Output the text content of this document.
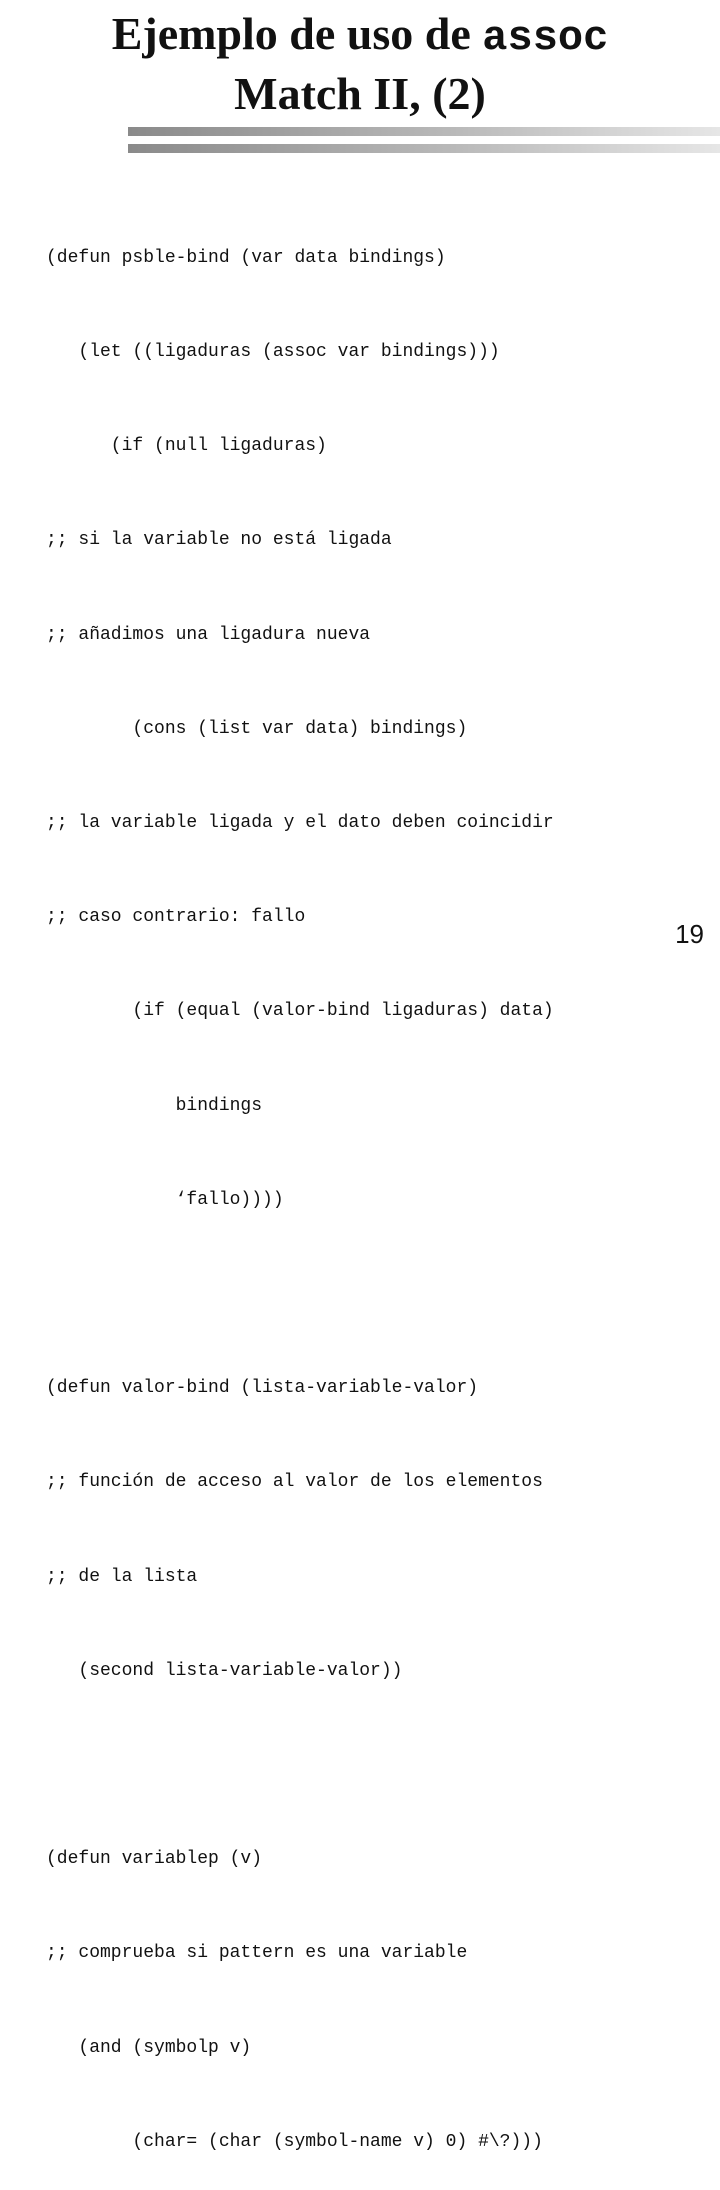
Ejemplo de uso de assoc
Match II, (2)

(defun psble-bind (var data bindings)

(let ((ligaduras (assoc var bindings)))

(if (null ligaduras)

;; si la variable no está ligada

;; añadimos una ligadura nueva

(cons (list var data) bindings)

;; la variable ligada y el dato deben coincidir

;; caso contrario: fallo

(if (equal (valor-bind ligaduras) data)

bindings

‘fallo))))

(defun valor-bind (lista-variable-valor)

;; función de acceso al valor de los elementos

;; de la lista

(second lista-variable-valor))

(defun variablep (v)

;; comprueba si pattern es una variable

(and (symbolp v)

(char= (char (symbol-name v) 0) #\?)))

19
